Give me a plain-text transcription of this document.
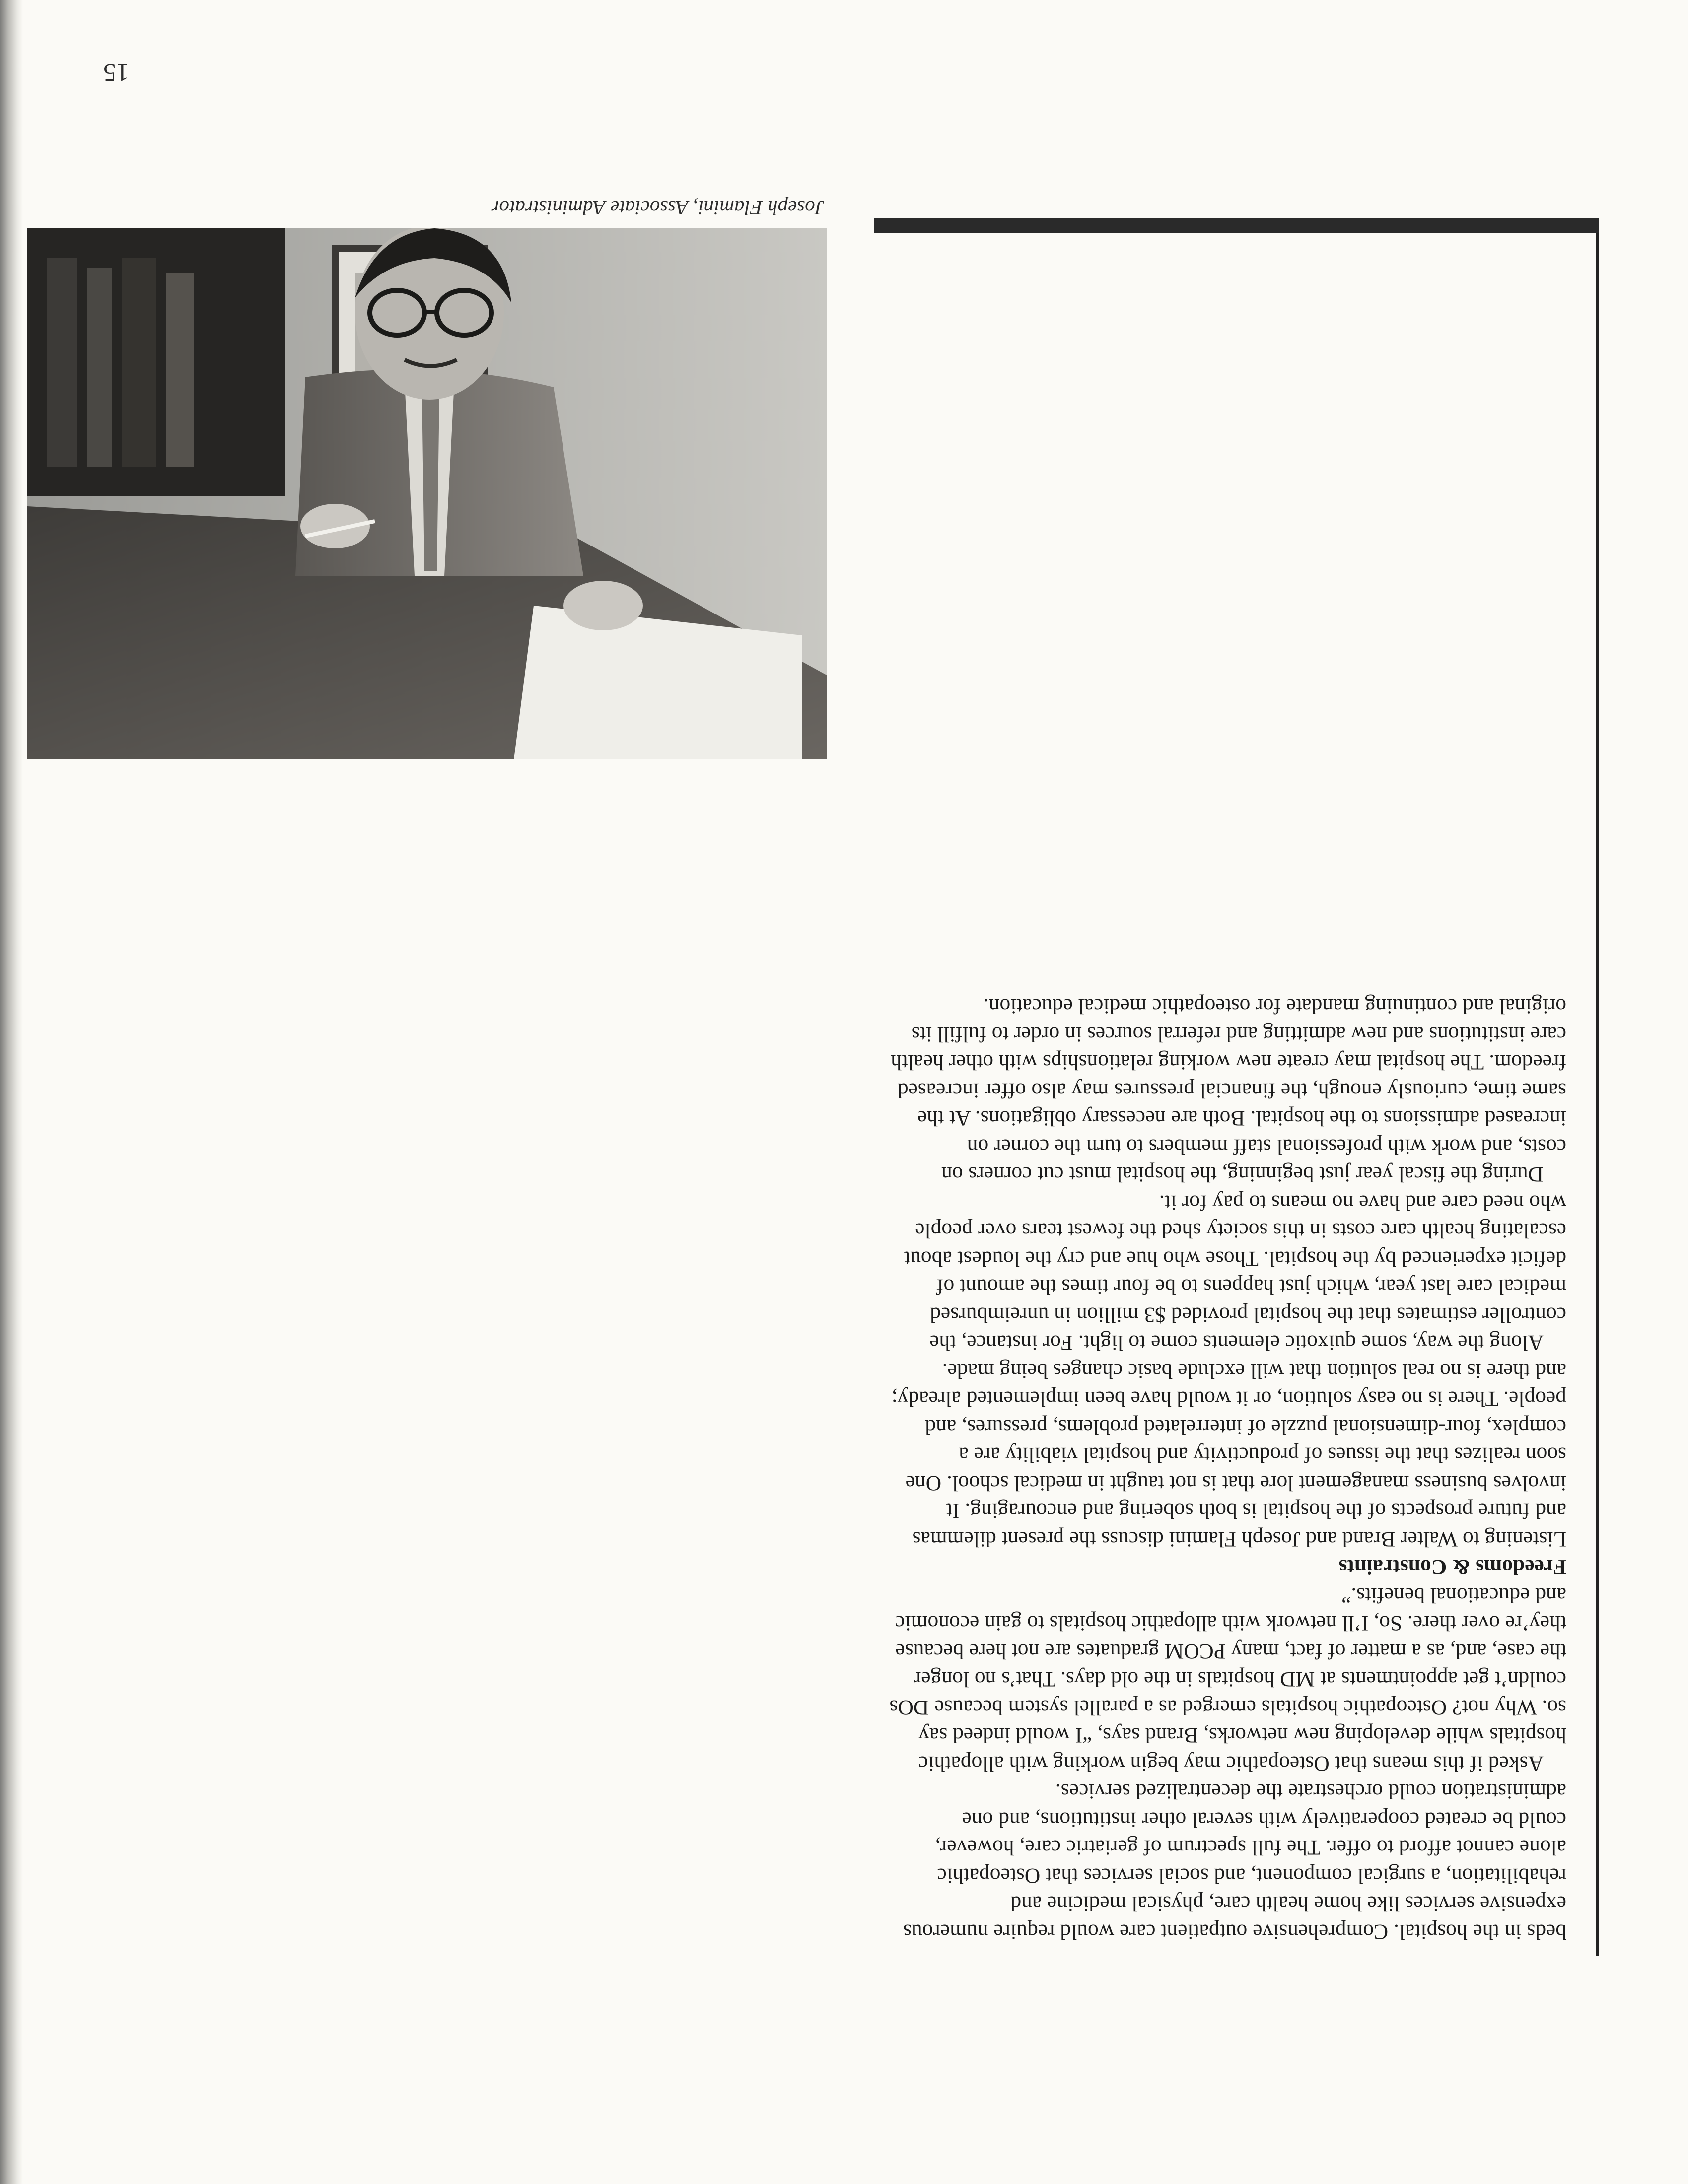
beds in the hospital. Comprehensive outpatient care would require numerous expensive services like home health care, physical medicine and rehabilitation, a surgical component, and social services that Osteopathic alone cannot afford to offer. The full spectrum of geriatric care, however, could be created cooperatively with several other institutions, and one administration could orchestrate the decentralized services.

Asked if this means that Osteopathic may begin working with allopathic hospitals while developing new networks, Brand says, “I would indeed say so. Why not? Osteopathic hospitals emerged as a parallel system because DOs couldn’t get appointments at MD hospitals in the old days. That’s no longer the case, and, as a matter of fact, many PCOM graduates are not here because they’re over there. So, I’ll network with allopathic hospitals to gain economic and educational benefits.”

Freedoms & Constraints

Listening to Walter Brand and Joseph Flamini discuss the present dilemmas and future prospects of the hospital is both sobering and encouraging. It involves business management lore that is not taught in medical school. One soon realizes that the issues of productivity and hospital viability are a complex, four-dimensional puzzle of interrelated problems, pressures, and people. There is no easy solution, or it would have been implemented already; and there is no real solution that will exclude basic changes being made.

Along the way, some quixotic elements come to light. For instance, the controller estimates that the hospital provided $3 million in unreimbursed medical care last year, which just happens to be four times the amount of deficit experienced by the hospital. Those who hue and cry the loudest about escalating health care costs in this society shed the fewest tears over people who need care and have no means to pay for it.

During the fiscal year just beginning, the hospital must cut corners on costs, and work with professional staff members to turn the corner on increased admissions to the hospital. Both are necessary obligations. At the same time, curiously enough, the financial pressures may also offer increased freedom. The hospital may create new working relationships with other health care institutions and new admitting and referral sources in order to fulfill its original and continuing mandate for osteopathic medical education.

Joseph Flamini, Associate Administrator
15
